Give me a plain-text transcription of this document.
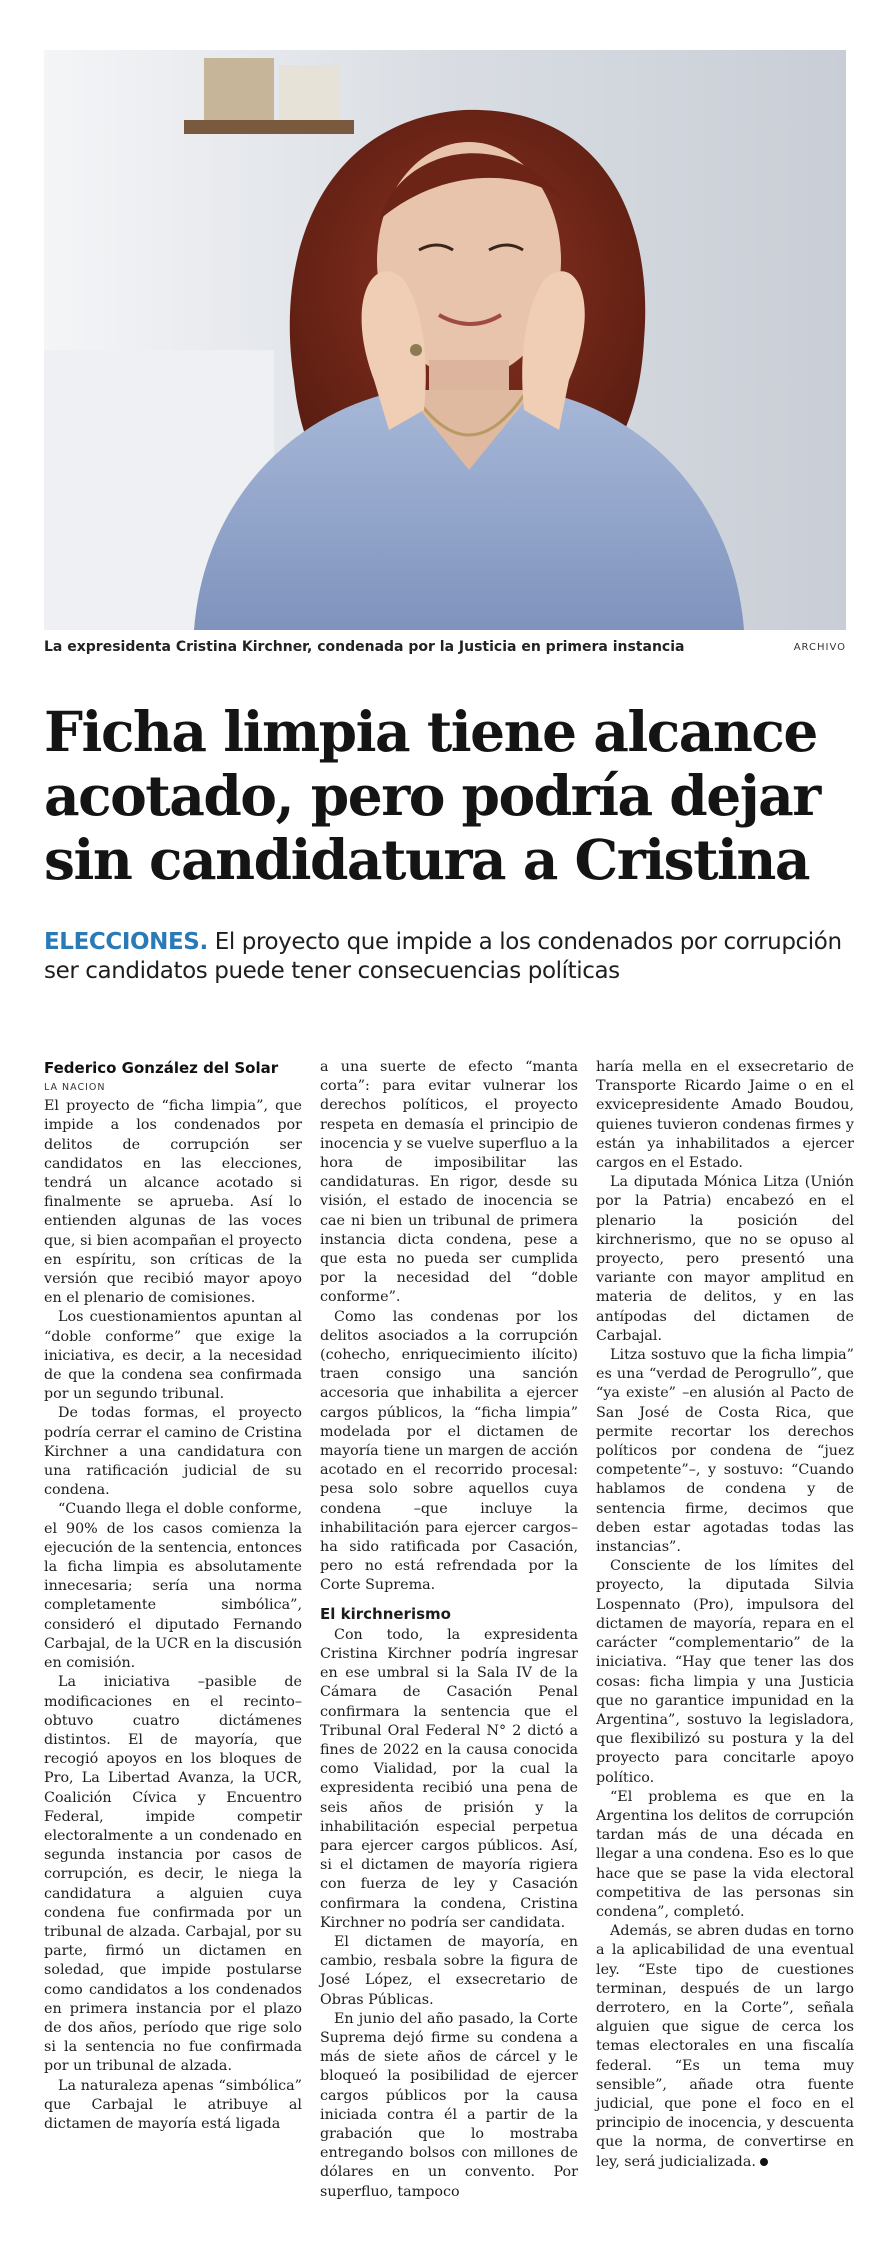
La expresidenta Cristina Kirchner, condenada por la Justicia en primera instancia	ARCHIVO
Ficha limpia tiene alcance acotado, pero podría dejar sin candidatura a Cristina

ELECCIONES. El proyecto que impide a los condenados por corrupción ser candidatos puede tener consecuencias políticas

Federico González del Solar

LA NACION

El proyecto de “ficha limpia”, que impide a los condenados por delitos de corrupción ser candidatos en las elecciones, tendrá un alcance acotado si finalmente se aprueba. Así lo entienden algunas de las voces que, si bien acompañan el proyecto en espíritu, son críticas de la versión que recibió mayor apoyo en el plenario de comisiones.

Los cuestionamientos apuntan al “doble conforme” que exige la iniciativa, es decir, a la necesidad de que la condena sea confirmada por un segundo tribunal.

De todas formas, el proyecto podría cerrar el camino de Cristina Kirchner a una candidatura con una ratificación judicial de su condena.

“Cuando llega el doble conforme, el 90% de los casos comienza la ejecución de la sentencia, entonces la ficha limpia es absolutamente innecesaria; sería una norma completamente simbólica”, consideró el diputado Fernando Carbajal, de la UCR en la discusión en comisión.

La iniciativa –pasible de modificaciones en el recinto– obtuvo cuatro dictámenes distintos. El de mayoría, que recogió apoyos en los bloques de Pro, La Libertad Avanza, la UCR, Coalición Cívica y Encuentro Federal, impide competir electoralmente a un condenado en segunda instancia por casos de corrupción, es decir, le niega la candidatura a alguien cuya condena fue confirmada por un tribunal de alzada. Carbajal, por su parte, firmó un dictamen en soledad, que impide postularse como candidatos a los condenados en primera instancia por el plazo de dos años, período que rige solo si la sentencia no fue confirmada por un tribunal de alzada.

La naturaleza apenas “simbólica” que Carbajal le atribuye al dictamen de mayoría está ligada

a una suerte de efecto “manta corta”: para evitar vulnerar los derechos políticos, el proyecto respeta en demasía el principio de inocencia y se vuelve superfluo a la hora de imposibilitar las candidaturas. En rigor, desde su visión, el estado de inocencia se cae ni bien un tribunal de primera instancia dicta condena, pese a que esta no pueda ser cumplida por la necesidad del “doble conforme”.

Como las condenas por los delitos asociados a la corrupción (cohecho, enriquecimiento ilícito) traen consigo una sanción accesoria que inhabilita a ejercer cargos públicos, la “ficha limpia” modelada por el dictamen de mayoría tiene un margen de acción acotado en el recorrido procesal: pesa solo sobre aquellos cuya condena –que incluye la inhabilitación para ejercer cargos– ha sido ratificada por Casación, pero no está refrendada por la Corte Suprema.

El kirchnerismo

Con todo, la expresidenta Cristina Kirchner podría ingresar en ese umbral si la Sala IV de la Cámara de Casación Penal confirmara la sentencia que el Tribunal Oral Federal N° 2 dictó a fines de 2022 en la causa conocida como Vialidad, por la cual la expresidenta recibió una pena de seis años de prisión y la inhabilitación especial perpetua para ejercer cargos públicos. Así, si el dictamen de mayoría rigiera con fuerza de ley y Casación confirmara la condena, Cristina Kirchner no podría ser candidata.

El dictamen de mayoría, en cambio, resbala sobre la figura de José López, el exsecretario de Obras Públicas.

En junio del año pasado, la Corte Suprema dejó firme su condena a más de siete años de cárcel y le bloqueó la posibilidad de ejercer cargos públicos por la causa iniciada contra él a partir de la grabación que lo mostraba entregando bolsos con millones de dólares en un convento. Por superfluo, tampoco

haría mella en el exsecretario de Transporte Ricardo Jaime o en el exvicepresidente Amado Boudou, quienes tuvieron condenas firmes y están ya inhabilitados a ejercer cargos en el Estado.

La diputada Mónica Litza (Unión por la Patria) encabezó en el plenario la posición del kirchnerismo, que no se opuso al proyecto, pero presentó una variante con mayor amplitud en materia de delitos, y en las antípodas del dictamen de Carbajal.

Litza sostuvo que la ficha limpia” es una “verdad de Perogrullo”, que “ya existe” –en alusión al Pacto de San José de Costa Rica, que permite recortar los derechos políticos por condena de “juez competente”–, y sostuvo: “Cuando hablamos de condena y de sentencia firme, decimos que deben estar agotadas todas las instancias”.

Consciente de los límites del proyecto, la diputada Silvia Lospennato (Pro), impulsora del dictamen de mayoría, repara en el carácter “complementario” de la iniciativa. “Hay que tener las dos cosas: ficha limpia y una Justicia que no garantice impunidad en la Argentina”, sostuvo la legisladora, que flexibilizó su postura y la del proyecto para concitarle apoyo político.

“El problema es que en la Argentina los delitos de corrupción tardan más de una década en llegar a una condena. Eso es lo que hace que se pase la vida electoral competitiva de las personas sin condena”, completó.

Además, se abren dudas en torno a la aplicabilidad de una eventual ley. “Este tipo de cuestiones terminan, después de un largo derrotero, en la Corte”, señala alguien que sigue de cerca los temas electorales en una fiscalía federal. “Es un tema muy sensible”, añade otra fuente judicial, que pone el foco en el principio de inocencia, y descuenta que la norma, de convertirse en ley, será judicializada.
